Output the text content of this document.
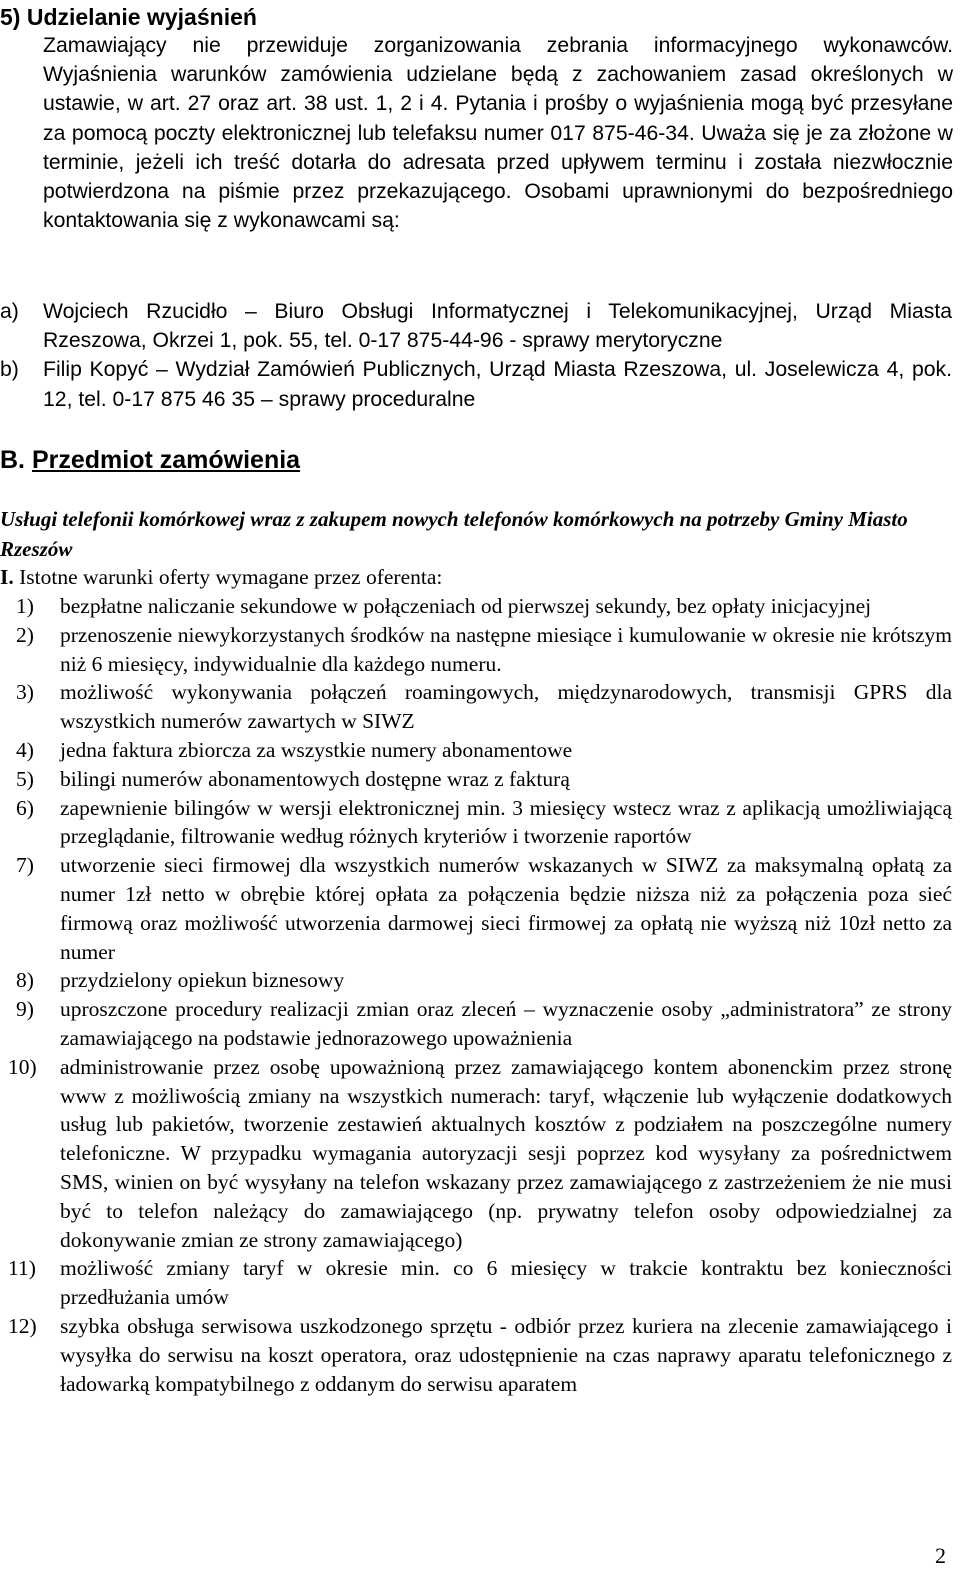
5) Udzielanie wyjaśnień
Zamawiający nie przewiduje zorganizowania zebrania informacyjnego wykonawców. Wyjaśnienia warunków zamówienia udzielane będą z zachowaniem zasad określonych w ustawie, w art. 27 oraz art. 38 ust. 1, 2 i 4. Pytania i prośby o wyjaśnienia mogą być przesyłane za pomocą poczty elektronicznej lub telefaksu numer 017 875-46-34. Uważa się je za złożone w terminie, jeżeli ich treść dotarła do adresata przed upływem terminu i została niezwłocznie potwierdzona na piśmie przez przekazującego. Osobami uprawnionymi do bezpośredniego kontaktowania się z wykonawcami są:
a) Wojciech Rzucidło – Biuro Obsługi Informatycznej i Telekomunikacyjnej, Urząd Miasta Rzeszowa, Okrzei 1, pok. 55, tel. 0-17 875-44-96 - sprawy merytoryczne
b) Filip Kopyć – Wydział Zamówień Publicznych, Urząd Miasta Rzeszowa, ul. Joselewicza 4, pok. 12, tel. 0-17 875 46 35 – sprawy proceduralne
B. Przedmiot zamówienia
Usługi telefonii komórkowej wraz z zakupem nowych telefonów komórkowych na potrzeby Gminy Miasto Rzeszów
I. Istotne warunki oferty wymagane przez oferenta:
1) bezpłatne naliczanie sekundowe w połączeniach od pierwszej sekundy, bez opłaty inicjacyjnej
2) przenoszenie niewykorzystanych środków na następne miesiące i kumulowanie w okresie nie krótszym niż 6 miesięcy, indywidualnie dla każdego numeru.
3) możliwość wykonywania połączeń roamingowych, międzynarodowych, transmisji GPRS dla wszystkich numerów zawartych w SIWZ
4) jedna faktura zbiorcza za wszystkie numery abonamentowe
5) bilingi numerów abonamentowych dostępne wraz z fakturą
6) zapewnienie bilingów w wersji elektronicznej min. 3 miesięcy wstecz wraz z aplikacją umożliwiającą przeglądanie, filtrowanie według różnych kryteriów i tworzenie raportów
7) utworzenie sieci firmowej dla wszystkich numerów wskazanych w SIWZ za maksymalną opłatą za numer 1zł netto w obrębie której opłata za połączenia będzie niższa niż za połączenia poza sieć firmową oraz możliwość utworzenia darmowej sieci firmowej za opłatą nie wyższą niż 10zł netto za numer
8) przydzielony opiekun biznesowy
9) uproszczone procedury realizacji zmian oraz zleceń – wyznaczenie osoby „administratora” ze strony zamawiającego na podstawie jednorazowego upoważnienia
10) administrowanie przez osobę upoważnioną przez zamawiającego kontem abonenckim przez stronę www z możliwością zmiany na wszystkich numerach: taryf, włączenie lub wyłączenie dodatkowych usług lub pakietów, tworzenie zestawień aktualnych kosztów z podziałem na poszczególne numery telefoniczne. W przypadku wymagania autoryzacji sesji poprzez kod wysyłany za pośrednictwem SMS, winien on być wysyłany na telefon wskazany przez zamawiającego z zastrzeżeniem że nie musi być to telefon należący do zamawiającego (np. prywatny telefon osoby odpowiedzialnej za dokonywanie zmian ze strony zamawiającego)
11) możliwość zmiany taryf w okresie min. co 6 miesięcy w trakcie kontraktu bez konieczności przedłużania umów
12) szybka obsługa serwisowa uszkodzonego sprzętu - odbiór przez kuriera na zlecenie zamawiającego i wysyłka do serwisu na koszt operatora, oraz udostępnienie na czas naprawy aparatu telefonicznego z ładowarką kompatybilnego z oddanym do serwisu aparatem
2
